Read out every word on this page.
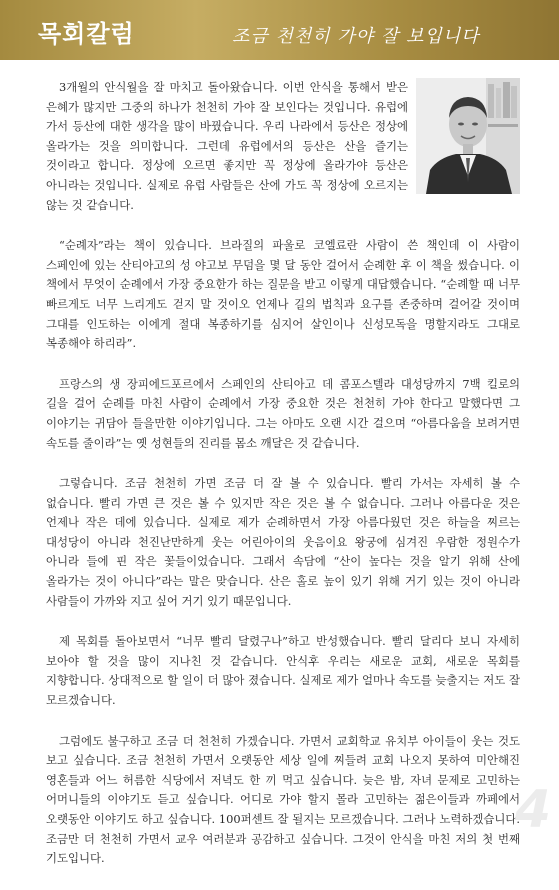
목회칼럼	조금 천천히 가야 잘 보입니다

3개월의 안식월을 잘 마치고 돌아왔습니다. 이번 안식을 통해서 받은 은혜가 많지만 그중의 하나가 천천히 가야 잘 보인다는 것입니다. 유럽에 가서 등산에 대한 생각을 많이 바꿨습니다. 우리 나라에서 등산은 정상에 올라가는 것을 의미합니다. 그런데 유럽에서의 등산은 산을 즐기는 것이라고 합니다. 정상에 오르면 좋지만 꼭 정상에 올라가야 등산은 아니라는 것입니다. 실제로 유럽 사람들은 산에 가도 꼭 정상에 오르지는 않는 것 같습니다.

“순례자”라는 책이 있습니다. 브라질의 파울로 코엘료란 사람이 쓴 책인데 이 사람이 스페인에 있는 산티아고의 성 야고보 무덤을 몇 달 동안 걸어서 순례한 후 이 책을 썼습니다. 이 책에서 무엇이 순례에서 가장 중요한가 하는 질문을 받고 이렇게 대답했습니다. “순례할 때 너무 빠르게도 너무 느리게도 걷지 말 것이오 언제나 길의 법칙과 요구를 존중하며 걸어갈 것이며 그대를 인도하는 이에게 절대 복종하기를 심지어 살인이나 신성모독을 명할지라도 그대로 복종해야 하리라”.

프랑스의 생 장피에드포르에서 스페인의 산티아고 데 콤포스텔라 대성당까지 7백 킬로의 길을 걸어 순례를 마친 사람이 순례에서 가장 중요한 것은 천천히 가야 한다고 말했다면 그 이야기는 귀담아 들을만한 이야기입니다. 그는 아마도 오랜 시간 걸으며 “아름다움을 보려거면 속도를 줄이라”는 옛 성현들의 진리를 몸소 깨달은 것 같습니다.

그렇습니다. 조금 천천히 가면 조금 더 잘 볼 수 있습니다. 빨리 가서는 자세히 볼 수 없습니다. 빨리 가면 큰 것은 볼 수 있지만 작은 것은 볼 수 없습니다. 그러나 아름다운 것은 언제나 작은 데에 있습니다. 실제로 제가 순례하면서 가장 아름다웠던 것은 하늘을 찌르는 대성당이 아니라 천진난만하게 웃는 어린아이의 웃음이요 왕궁에 심겨진 우람한 정원수가 아니라 들에 핀 작은 꽃들이었습니다. 그래서 속담에 “산이 높다는 것을 알기 위해 산에 올라가는 것이 아니다”라는 말은 맞습니다. 산은 홀로 높이 있기 위해 거기 있는 것이 아니라 사람들이 가까와 지고 싶어 거기 있기 때문입니다.

제 목회를 돌아보면서 “너무 빨리 달렸구나”하고 반성했습니다. 빨리 달리다 보니 자세히 보아야 할 것을 많이 지나친 것 같습니다. 안식후 우리는 새로운 교회, 새로운 목회를 지향합니다. 상대적으로 할 일이 더 많아 졌습니다. 실제로 제가 얼마나 속도를 늦출지는 저도 잘 모르겠습니다.

그럼에도 불구하고 조금 더 천천히 가겠습니다. 가면서 교회학교 유치부 아이들이 웃는 것도 보고 싶습니다. 조금 천천히 가면서 오랫동안 세상 일에 찌들려 교회 나오지 못하여 미안해진 영혼들과 어느 허름한 식당에서 저녁도 한 끼 먹고 싶습니다. 늦은 밤, 자녀 문제로 고민하는 어머니들의 이야기도 듣고 싶습니다. 어디로 가야 할지 몰라 고민하는 젊은이들과 까페에서 오랫동안 이야기도 하고 싶습니다. 100퍼센트 잘 될지는 모르겠습니다. 그러나 노력하겠습니다. 조금만 더 천천히 가면서 교우 여러분과 공감하고 싶습니다. 그것이 안식을 마친 저의 첫 번째 기도입니다.

4
